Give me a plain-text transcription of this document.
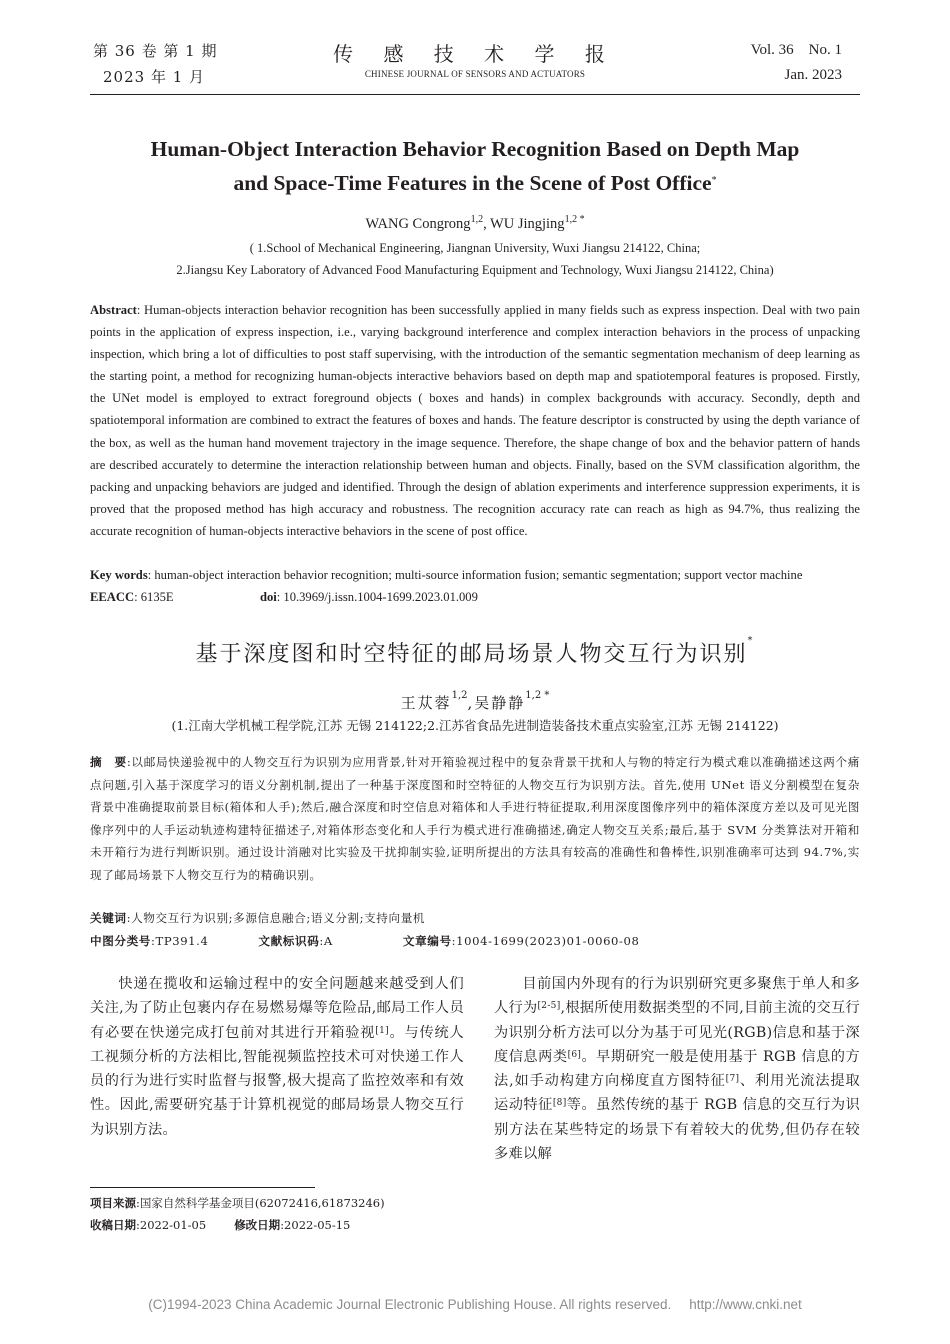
第 36 卷 第 1 期
2023 年 1 月
传 感 技 术 学 报
CHINESE JOURNAL OF SENSORS AND ACTUATORS
Vol. 36    No. 1
Jan. 2023
Human-Object Interaction Behavior Recognition Based on Depth Map
and Space-Time Features in the Scene of Post Office*
WANG Congrong$^{1,2}$, WU Jingjing$^{1,2 *}$
( 1.School of Mechanical Engineering, Jiangnan University, Wuxi Jiangsu 214122, China;
2.Jiangsu Key Laboratory of Advanced Food Manufacturing Equipment and Technology, Wuxi Jiangsu 214122, China)
Abstract: Human-objects interaction behavior recognition has been successfully applied in many fields such as express inspection. Deal with two pain points in the application of express inspection, i.e., varying background interference and complex interaction behaviors in the process of unpacking inspection, which bring a lot of difficulties to post staff supervising, with the introduction of the semantic segmentation mechanism of deep learning as the starting point, a method for recognizing human-objects interactive behaviors based on depth map and spatiotemporal features is proposed. Firstly, the UNet model is employed to extract foreground objects ( boxes and hands) in complex backgrounds with accuracy. Secondly, depth and spatiotemporal information are combined to extract the features of boxes and hands. The feature descriptor is constructed by using the depth variance of the box, as well as the human hand movement trajectory in the image sequence. Therefore, the shape change of box and the behavior pattern of hands are described accurately to determine the interaction relationship between human and objects. Finally, based on the SVM classification algorithm, the packing and unpacking behaviors are judged and identified. Through the design of ablation experiments and interference suppression experiments, it is proved that the proposed method has high accuracy and robustness. The recognition accuracy rate can reach as high as 94.7%, thus realizing the accurate recognition of human-objects interactive behaviors in the scene of post office.
Key words: human-object interaction behavior recognition; multi-source information fusion; semantic segmentation; support vector machine
EEACC: 6135E	doi: 10.3969/j.issn.1004-1699.2023.01.009
基于深度图和时空特征的邮局场景人物交互行为识别*
王苁蓉$^{1,2}$,吴静静$^{1,2 *}$
(1.江南大学机械工程学院,江苏 无锡 214122;2.江苏省食品先进制造装备技术重点实验室,江苏 无锡 214122)
摘　要:以邮局快递验视中的人物交互行为识别为应用背景,针对开箱验视过程中的复杂背景干扰和人与物的特定行为模式难以准确描述这两个痛点问题,引入基于深度学习的语义分割机制,提出了一种基于深度图和时空特征的人物交互行为识别方法。首先,使用 UNet 语义分割模型在复杂背景中准确提取前景目标(箱体和人手);然后,融合深度和时空信息对箱体和人手进行特征提取,利用深度图像序列中的箱体深度方差以及可见光图像序列中的人手运动轨迹构建特征描述子,对箱体形态变化和人手行为模式进行准确描述,确定人物交互关系;最后,基于 SVM 分类算法对开箱和未开箱行为进行判断识别。通过设计消融对比实验及干扰抑制实验,证明所提出的方法具有较高的准确性和鲁棒性,识别准确率可达到 94.7%,实现了邮局场景下人物交互行为的精确识别。
关键词:人物交互行为识别;多源信息融合;语义分割;支持向量机
中图分类号:TP391.4	文献标识码:A	文章编号:1004-1699(2023)01-0060-08
快递在揽收和运输过程中的安全问题越来越受到人们关注,为了防止包裹内存在易燃易爆等危险品,邮局工作人员有必要在快递完成打包前对其进行开箱验视[1]。与传统人工视频分析的方法相比,智能视频监控技术可对快递工作人员的行为进行实时监督与报警,极大提高了监控效率和有效性。因此,需要研究基于计算机视觉的邮局场景人物交互行为识别方法。
目前国内外现有的行为识别研究更多聚焦于单人和多人行为[2-5],根据所使用数据类型的不同,目前主流的交互行为识别分析方法可以分为基于可见光(RGB)信息和基于深度信息两类[6]。早期研究一般是使用基于 RGB 信息的方法,如手动构建方向梯度直方图特征[7]、利用光流法提取运动特征[8]等。虽然传统的基于 RGB 信息的交互行为识别方法在某些特定的场景下有着较大的优势,但仍存在较多难以解
项目来源:国家自然科学基金项目(62072416,61873246)
收稿日期:2022-01-05 修改日期:2022-05-15
(C)1994-2023 China Academic Journal Electronic Publishing House. All rights reserved. http://www.cnki.net
